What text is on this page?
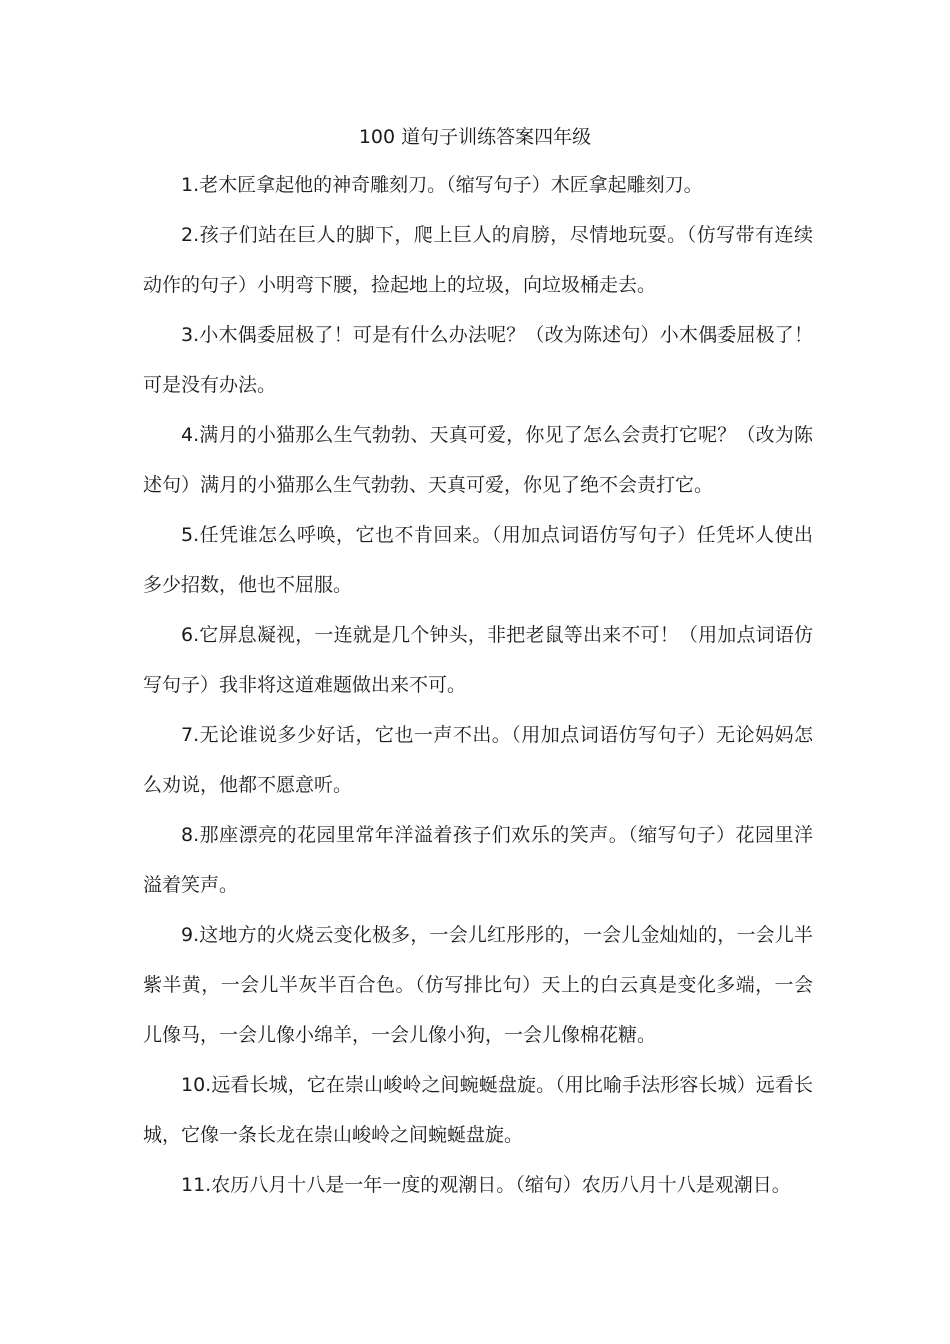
100 道句子训练答案四年级

1.老木匠拿起他的神奇雕刻刀。（缩写句子）木匠拿起雕刻刀。

2.孩子们站在巨人的脚下，爬上巨人的肩膀，尽情地玩耍。（仿写带有连续动作的句子）小明弯下腰，捡起地上的垃圾，向垃圾桶走去。

3.小木偶委屈极了！可是有什么办法呢？（改为陈述句）小木偶委屈极了！可是没有办法。

4.满月的小猫那么生气勃勃、天真可爱，你见了怎么会责打它呢？（改为陈述句）满月的小猫那么生气勃勃、天真可爱，你见了绝不会责打它。

5.任凭谁怎么呼唤，它也不肯回来。（用加点词语仿写句子）任凭坏人使出多少招数，他也不屈服。

6.它屏息凝视，一连就是几个钟头，非把老鼠等出来不可！（用加点词语仿写句子）我非将这道难题做出来不可。

7.无论谁说多少好话，它也一声不出。（用加点词语仿写句子）无论妈妈怎么劝说，他都不愿意听。

8.那座漂亮的花园里常年洋溢着孩子们欢乐的笑声。（缩写句子）花园里洋溢着笑声。

9.这地方的火烧云变化极多，一会儿红彤彤的，一会儿金灿灿的，一会儿半紫半黄，一会儿半灰半百合色。（仿写排比句）天上的白云真是变化多端，一会儿像马，一会儿像小绵羊，一会儿像小狗，一会儿像棉花糖。

10.远看长城，它在崇山峻岭之间蜿蜒盘旋。（用比喻手法形容长城）远看长城，它像一条长龙在崇山峻岭之间蜿蜒盘旋。

11.农历八月十八是一年一度的观潮日。（缩句）农历八月十八是观潮日。
